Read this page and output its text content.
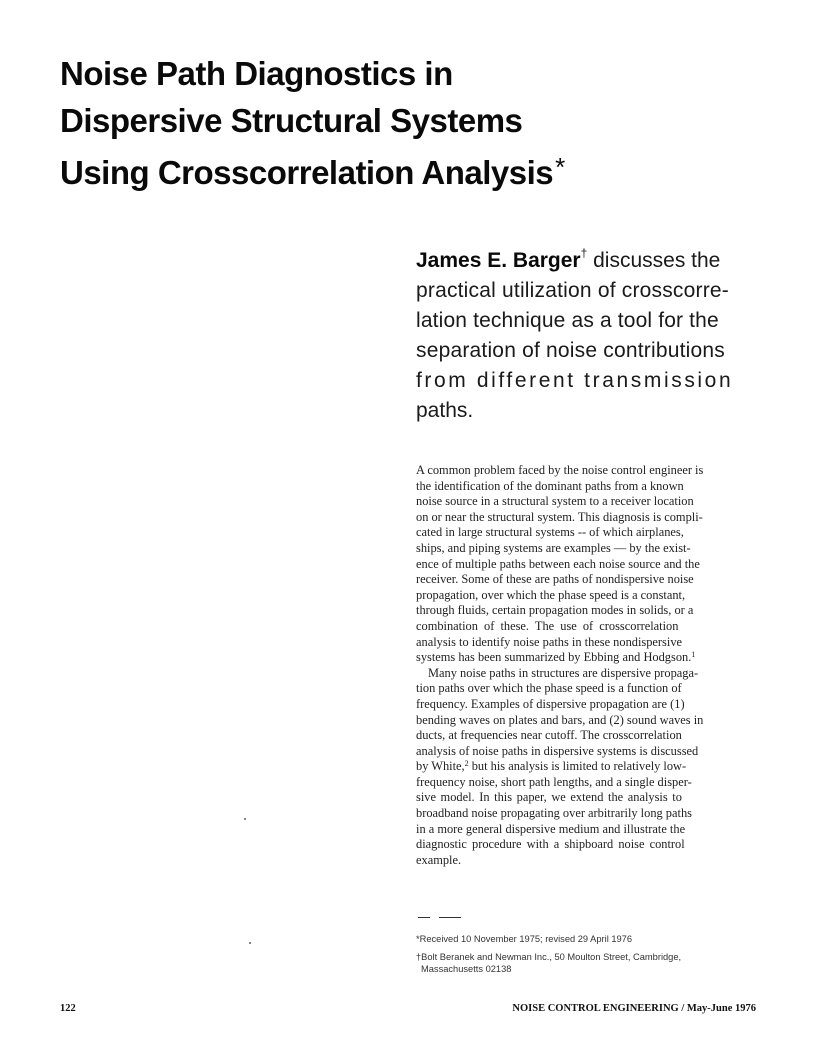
Noise Path Diagnostics in
Dispersive Structural Systems
Using Crosscorrelation Analysis*
James E. Barger† discusses the
practical utilization of crosscorre-
lation technique as a tool for the
separation of noise contributions
from different transmission
paths.

A common problem faced by the noise control engineer is
the identification of the dominant paths from a known
noise source in a structural system to a receiver location
on or near the structural system. This diagnosis is compli-
cated in large structural systems -- of which airplanes,
ships, and piping systems are examples — by the exist-
ence of multiple paths between each noise source and the
receiver. Some of these are paths of nondispersive noise
propagation, over which the phase speed is a constant,
through fluids, certain propagation modes in solids, or a
combination of these. The use of crosscorrelation
analysis to identify noise paths in these nondispersive
systems has been summarized by Ebbing and Hodgson.$^1$

Many noise paths in structures are dispersive propaga-
tion paths over which the phase speed is a function of
frequency. Examples of dispersive propagation are (1)
bending waves on plates and bars, and (2) sound waves in
ducts, at frequencies near cutoff. The crosscorrelation
analysis of noise paths in dispersive systems is discussed
by White,$^2$ but his analysis is limited to relatively low-
frequency noise, short path lengths, and a single disper-
sive model. In this paper, we extend the analysis to
broadband noise propagating over arbitrarily long paths
in a more general dispersive medium and illustrate the
diagnostic procedure with a shipboard noise control
example.

*Received 10 November 1975; revised 29 April 1976
†Bolt Beranek and Newman Inc., 50 Moulton Street, Cambridge,
Massachusetts 02138
122	NOISE CONTROL ENGINEERING / May-June 1976
